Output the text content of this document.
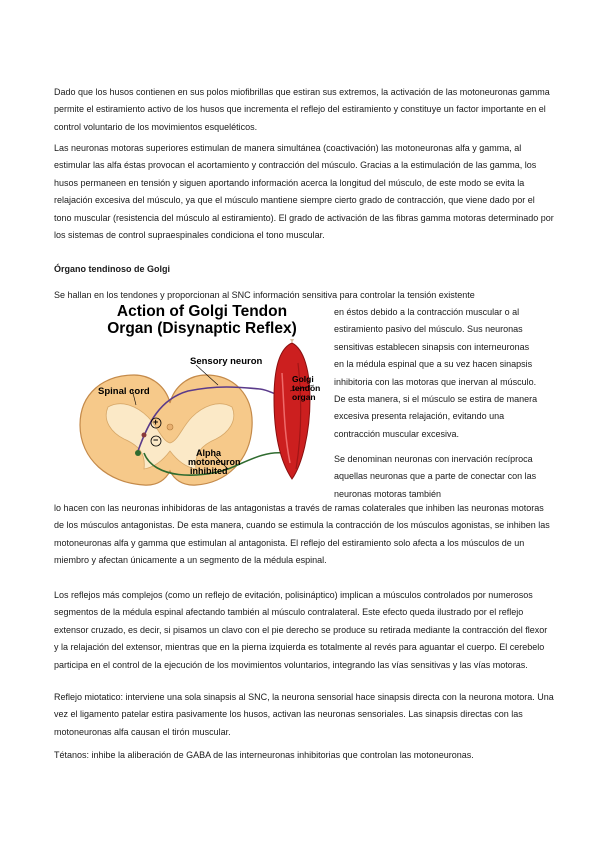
Dado que los husos contienen en sus polos miofibrillas que estiran sus extremos, la activación de las motoneuronas gamma permite el estiramiento activo de los husos que incrementa el reflejo del estiramiento y constituye un factor importante en el control voluntario de los movimientos esqueléticos.

Las neuronas motoras superiores estimulan de manera simultánea (coactivación) las motoneuronas alfa y gamma, al estimular las alfa éstas provocan el acortamiento y contracción del músculo. Gracias a la estimulación de las gamma, los husos permaneen en tensión y siguen aportando información acerca la longitud del músculo, de este modo se evita la relajación excesiva del músculo, ya que el músculo mantiene siempre cierto grado de contracción, que viene dado por el tono muscular (resistencia del músculo al estiramiento). El grado de activación de las fibras gamma motoras determinado por los sistemas de control supraespinales condiciona el tono muscular.

Órgano tendinoso de Golgi

Se hallan en los tendones y proporcionan al SNC información sensitiva para controlar la tensión existente

Action of Golgi Tendon
Organ (Disynaptic Reflex)
Spinal cord
Sensory neuron
Golgi
tendon
organ
Alpha
motoneuron
inhibited
+
−

en éstos debido a la contracción muscular o al estiramiento pasivo del músculo. Sus neuronas sensitivas establecen sinapsis con interneuronas en la médula espinal que a su vez hacen sinapsis inhibitoria con las motoras que inervan al músculo. De esta manera, si el músculo se estira de manera excesiva presenta relajación, evitando una contracción muscular excesiva.

Se denominan neuronas con inervación recíproca aquellas neuronas que a parte de conectar con las neuronas motoras también

lo hacen con las neuronas inhibidoras de las antagonistas a través de ramas colaterales que inhiben las neuronas motoras de los músculos antagonistas. De esta manera, cuando se estimula la contracción de los músculos agonistas, se inhiben las motoneuronas alfa y gamma que estimulan al antagonista. El reflejo del estiramiento solo afecta a los músculos de un miembro y afectan únicamente a un segmento de la médula espinal.

Los reflejos más complejos (como un reflejo de evitación, polisináptico) implican a músculos controlados por numerosos segmentos de la médula espinal afectando también al músculo contralateral. Este efecto queda ilustrado por el reflejo extensor cruzado, es decir, si pisamos un clavo con el pie derecho se produce su retirada mediante la contracción del flexor y la relajación del extensor, mientras que en la pierna izquierda es totalmente al revés para aguantar el cuerpo. El cerebelo participa en el control de la ejecución de los movimientos voluntarios, integrando las vías sensitivas y las vías motoras.

Reflejo miotatico: interviene una sola sinapsis al SNC, la neurona sensorial hace sinapsis directa con la neurona motora. Una vez el ligamento patelar estira pasivamente los husos, activan las neuronas sensoriales. Las sinapsis directas con las motoneuronas alfa causan el tirón muscular.

Tétanos: inhibe la aliberación de GABA de las interneuronas inhibitorias que controlan las motoneuronas.
